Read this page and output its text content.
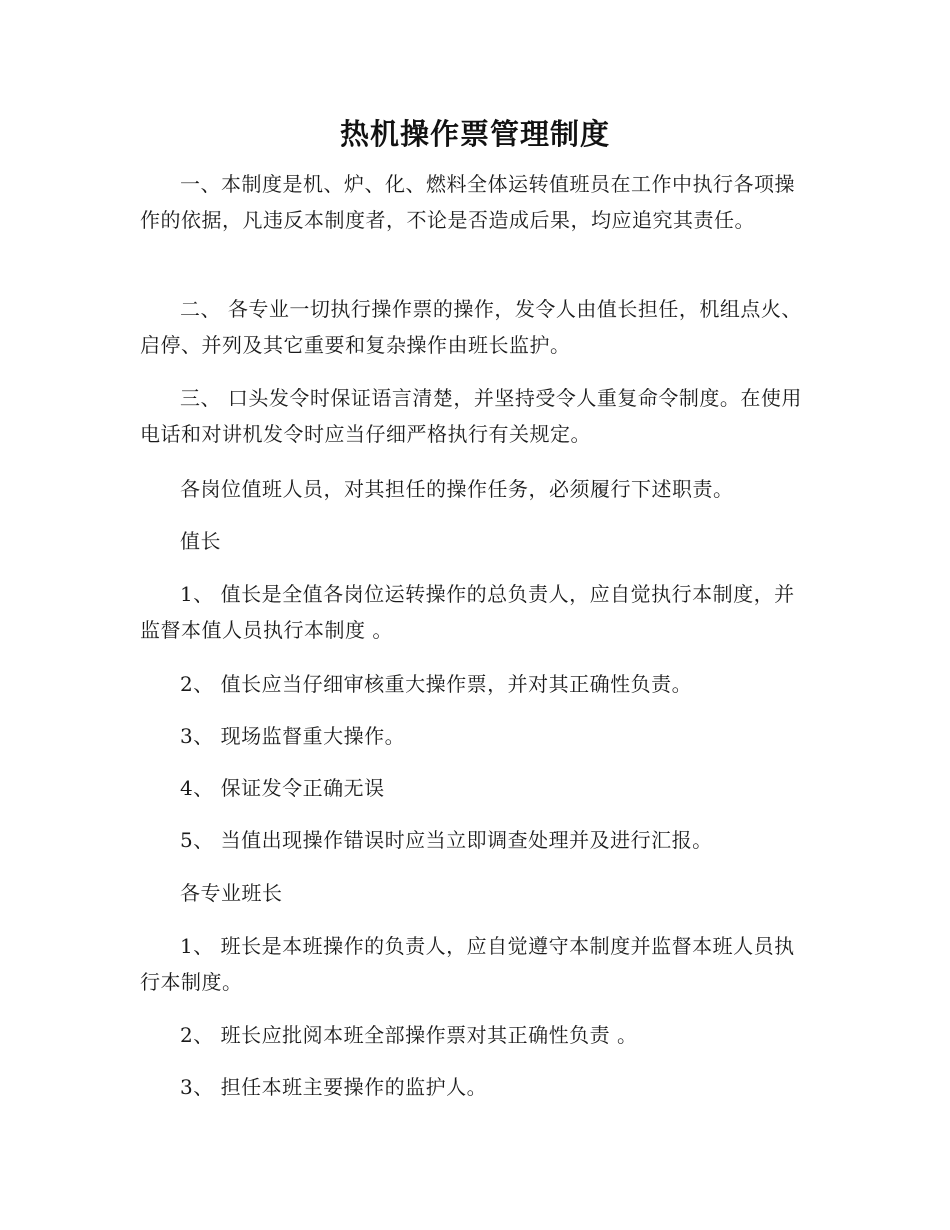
热机操作票管理制度

一、本制度是机、炉、化、燃料全体运转值班员在工作中执行各项操作的依据，凡违反本制度者，不论是否造成后果，均应追究其责任。

二、 各专业一切执行操作票的操作，发令人由值长担任，机组点火、启停、并列及其它重要和复杂操作由班长监护。

三、 口头发令时保证语言清楚，并坚持受令人重复命令制度。在使用电话和对讲机发令时应当仔细严格执行有关规定。

各岗位值班人员，对其担任的操作任务，必须履行下述职责。

值长

1、 值长是全值各岗位运转操作的总负责人，应自觉执行本制度，并监督本值人员执行本制度 。

2、 值长应当仔细审核重大操作票，并对其正确性负责。

3、 现场监督重大操作。

4、 保证发令正确无误

5、 当值出现操作错误时应当立即调查处理并及进行汇报。

各专业班长

1、 班长是本班操作的负责人，应自觉遵守本制度并监督本班人员执行本制度。

2、 班长应批阅本班全部操作票对其正确性负责 。

3、 担任本班主要操作的监护人。
